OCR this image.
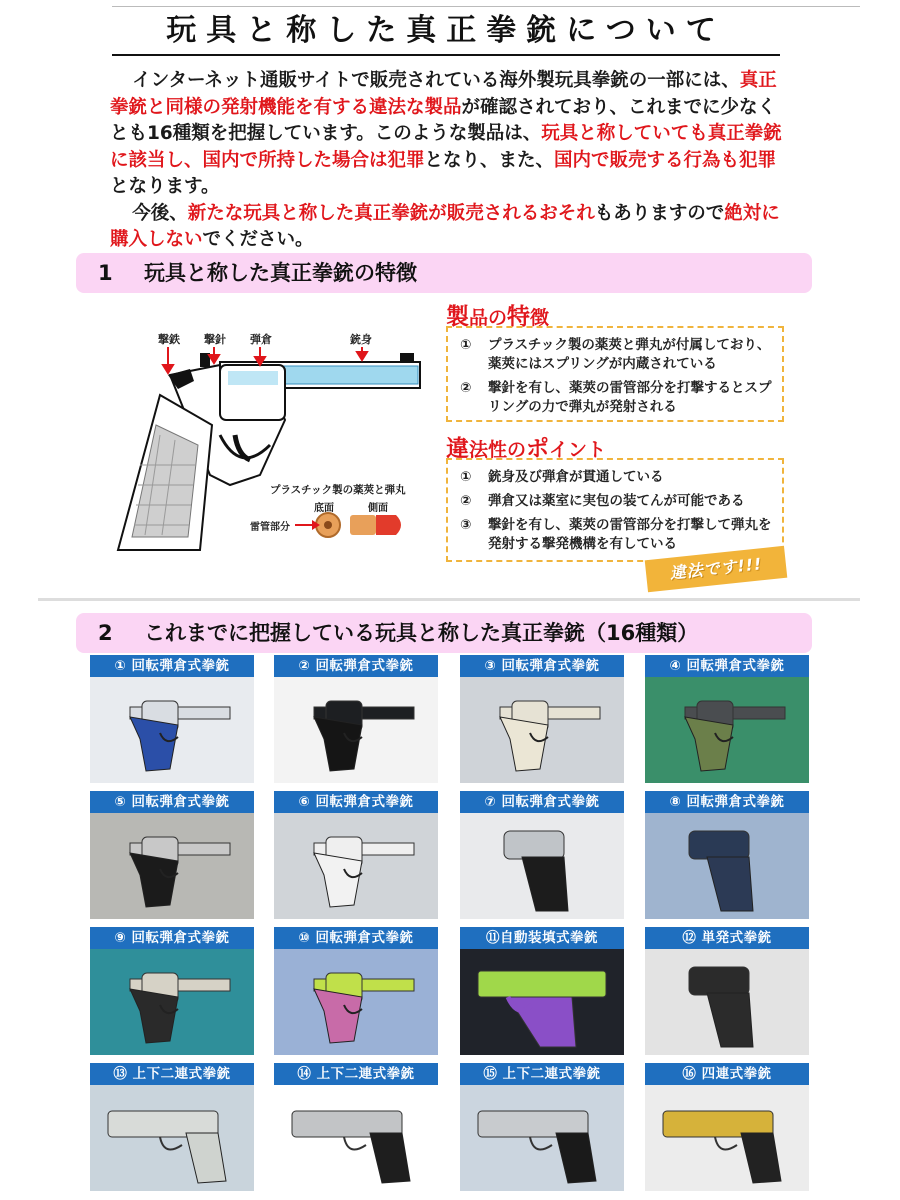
玩具と称した真正拳銃について

インターネット通販サイトで販売されている海外製玩具拳銃の一部には、真正拳銃と同様の発射機能を有する違法な製品が確認されており、これまでに少なくとも16種類を把握しています。このような製品は、玩具と称していても真正拳銃に該当し、国内で所持した場合は犯罪となり、また、国内で販売する行為も犯罪となります。

今後、新たな玩具と称した真正拳銃が販売されるおそれもありますので絶対に購入しないでください。

1 玩具と称した真正拳銃の特徴
撃鉄 撃針 弾倉	銃身
プラスチック製の薬莢と弾丸
底面	側面
雷管部分
製品の特徴
①	プラスチック製の薬莢と弾丸が付属しており、薬莢にはスプリングが内蔵されている
②	撃針を有し、薬莢の雷管部分を打撃するとスプリングの力で弾丸が発射される
違法性のポイント
①	銃身及び弾倉が貫通している
②	弾倉又は薬室に実包の装てんが可能である
③	撃針を有し、薬莢の雷管部分を打撃して弾丸を発射する撃発機構を有している
違法です!!!
2 これまでに把握している玩具と称した真正拳銃（16種類）
① 回転弾倉式拳銃	② 回転弾倉式拳銃	③ 回転弾倉式拳銃	④ 回転弾倉式拳銃
⑤ 回転弾倉式拳銃	⑥ 回転弾倉式拳銃	⑦ 回転弾倉式拳銃	⑧ 回転弾倉式拳銃
⑨ 回転弾倉式拳銃	⑩ 回転弾倉式拳銃	⑪自動装填式拳銃	⑫ 単発式拳銃
⑬ 上下二連式拳銃	⑭ 上下二連式拳銃	⑮ 上下二連式拳銃	⑯ 四連式拳銃
